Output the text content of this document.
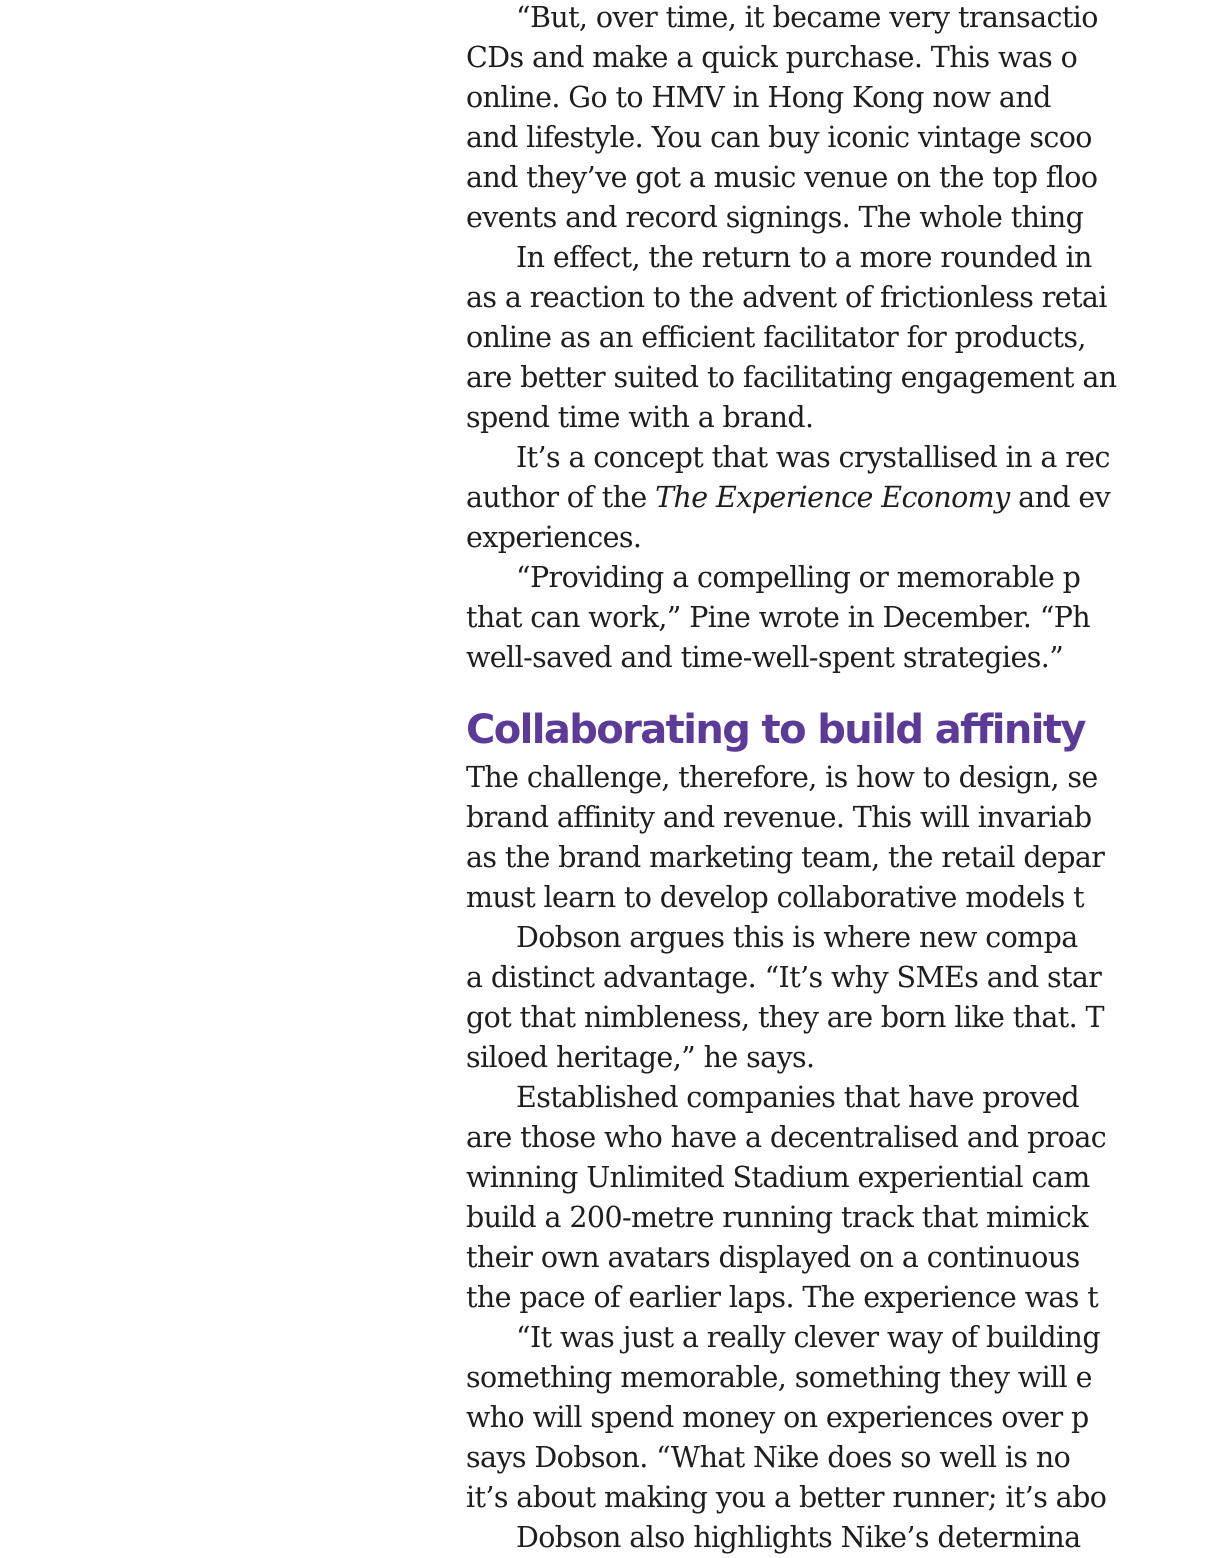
“But, over time, it became very transactio
CDs and make a quick purchase. This was o
online. Go to HMV in Hong Kong now and
and lifestyle. You can buy iconic vintage scoo
and they’ve got a music venue on the top floo
events and record signings. The whole thing
In effect, the return to a more rounded in
as a reaction to the advent of frictionless retai
online as an efficient facilitator for products,
are better suited to facilitating engagement an
spend time with a brand.
It’s a concept that was crystallised in a rec
author of the The Experience Economy and ev
experiences.
“Providing a compelling or memorable p
that can work,” Pine wrote in December. “Ph
well-saved and time-well-spent strategies.”
Collaborating to build affinity
The challenge, therefore, is how to design, se
brand affinity and revenue. This will invariab
as the brand marketing team, the retail depar
must learn to develop collaborative models t
Dobson argues this is where new compa
a distinct advantage. “It’s why SMEs and star
got that nimbleness, they are born like that. T
siloed heritage,” he says.
Established companies that have proved
are those who have a decentralised and proac
winning Unlimited Stadium experiential cam
build a 200-metre running track that mimick
their own avatars displayed on a continuous
the pace of earlier laps. The experience was t
“It was just a really clever way of building
something memorable, something they will e
who will spend money on experiences over p
says Dobson. “What Nike does so well is no
it’s about making you a better runner; it’s abo
Dobson also highlights Nike’s determina
